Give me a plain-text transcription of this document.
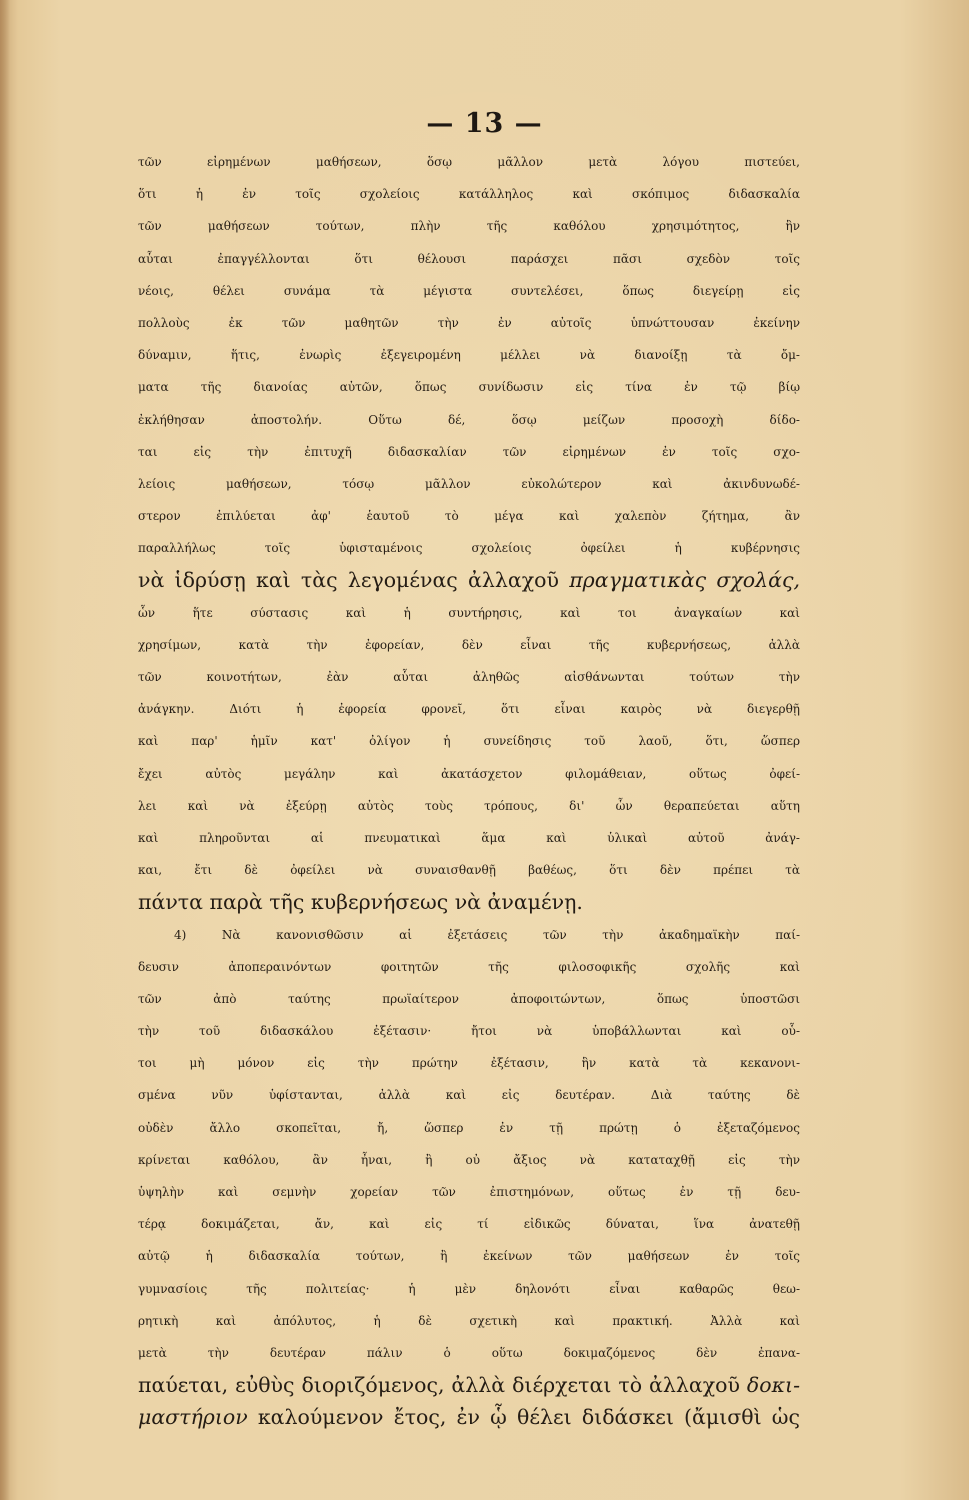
— 13 —
τῶν εἰρημένων μαθήσεων, ὅσῳ μᾶλλον μετὰ λόγου πιστεύει,
ὅτι ἡ ἐν τοῖς σχολείοις κατάλληλος καὶ σκόπιμος διδασκαλία
τῶν μαθήσεων τούτων, πλὴν τῆς καθόλου χρησιμότητος, ἣν
αὗται ἐπαγγέλλονται ὅτι θέλουσι παράσχει πᾶσι σχεδὸν τοῖς
νέοις, θέλει συνάμα τὰ μέγιστα συντελέσει, ὅπως διεγείρῃ εἰς
πολλοὺς ἐκ τῶν μαθητῶν τὴν ἐν αὐτοῖς ὑπνώττουσαν ἐκείνην
δύναμιν, ἥτις, ἐνωρὶς ἐξεγειρομένη μέλλει νὰ διανοίξῃ τὰ ὄμ-
ματα τῆς διανοίας αὐτῶν, ὅπως συνίδωσιν εἰς τίνα ἐν τῷ βίῳ
ἐκλήθησαν ἀποστολήν. Οὕτω δέ, ὅσῳ μείζων προσοχὴ δίδο-
ται εἰς τὴν ἐπιτυχῆ διδασκαλίαν τῶν εἰρημένων ἐν τοῖς σχο-
λείοις μαθήσεων, τόσῳ μᾶλλον εὐκολώτερον καὶ ἀκινδυνωδέ-
στερον ἐπιλύεται ἀφ' ἑαυτοῦ τὸ μέγα καὶ χαλεπὸν ζήτημα, ἂν
παραλλήλως τοῖς ὑφισταμένοις σχολείοις ὀφείλει ἡ κυβέρνησις
νὰ ἱδρύσῃ καὶ τὰς λεγομένας ἀλλαχοῦ πραγματικὰς σχολάς,
ὧν ἥτε σύστασις καὶ ἡ συντήρησις, καὶ τοι ἀναγκαίων καὶ
χρησίμων, κατὰ τὴν ἐφορείαν, δὲν εἶναι τῆς κυβερνήσεως, ἀλλὰ
τῶν κοινοτήτων, ἐὰν αὗται ἀληθῶς αἰσθάνωνται τούτων τὴν
ἀνάγκην. Διότι ἡ ἐφορεία φρονεῖ, ὅτι εἶναι καιρὸς νὰ διεγερθῇ
καὶ παρ' ἡμῖν κατ' ὀλίγον ἡ συνείδησις τοῦ λαοῦ, ὅτι, ὥσπερ
ἔχει αὐτὸς μεγάλην καὶ ἀκατάσχετον φιλομάθειαν, οὕτως ὀφεί-
λει καὶ νὰ ἐξεύρῃ αὐτὸς τοὺς τρόπους, δι' ὧν θεραπεύεται αὕτη
καὶ πληροῦνται αἱ πνευματικαὶ ἅμα καὶ ὑλικαὶ αὐτοῦ ἀνάγ-
και, ἔτι δὲ ὀφείλει νὰ συναισθανθῇ βαθέως, ὅτι δὲν πρέπει τὰ
πάντα παρὰ τῆς κυβερνήσεως νὰ ἀναμένῃ.
4) Νὰ κανονισθῶσιν αἱ ἐξετάσεις τῶν τὴν ἀκαδημαϊκὴν παί-
δευσιν ἀποπεραινόντων φοιτητῶν τῆς φιλοσοφικῆς σχολῆς καὶ
τῶν ἀπὸ ταύτης πρωϊαίτερον ἀποφοιτώντων, ὅπως ὑποστῶσι
τὴν τοῦ διδασκάλου ἐξέτασιν· ἤτοι νὰ ὑποβάλλωνται καὶ οὗ-
τοι μὴ μόνον εἰς τὴν πρώτην ἐξέτασιν, ἣν κατὰ τὰ κεκανονι-
σμένα νῦν ὑφίστανται, ἀλλὰ καὶ εἰς δευτέραν. Διὰ ταύτης δὲ
οὐδὲν ἄλλο σκοπεῖται, ἤ, ὥσπερ ἐν τῇ πρώτῃ ὁ ἐξεταζόμενος
κρίνεται καθόλου, ἂν ἦναι, ἢ οὐ ἄξιος νὰ καταταχθῇ εἰς τὴν
ὑψηλὴν καὶ σεμνὴν χορείαν τῶν ἐπιστημόνων, οὕτως ἐν τῇ δευ-
τέρᾳ δοκιμάζεται, ἄν, καὶ εἰς τί εἰδικῶς δύναται, ἵνα ἀνατεθῇ
αὐτῷ ἡ διδασκαλία τούτων, ἢ ἐκείνων τῶν μαθήσεων ἐν τοῖς
γυμνασίοις τῆς πολιτείας· ἡ μὲν δηλονότι εἶναι καθαρῶς θεω-
ρητικὴ καὶ ἀπόλυτος, ἡ δὲ σχετικὴ καὶ πρακτική. Ἀλλὰ καὶ
μετὰ τὴν δευτέραν πάλιν ὁ οὕτω δοκιμαζόμενος δὲν ἐπανα-
παύεται, εὐθὺς διοριζόμενος, ἀλλὰ διέρχεται τὸ ἀλλαχοῦ δοκι-
μαστήριον καλούμενον ἔτος, ἐν ᾧ θέλει διδάσκει (ἄμισθὶ ὡς
